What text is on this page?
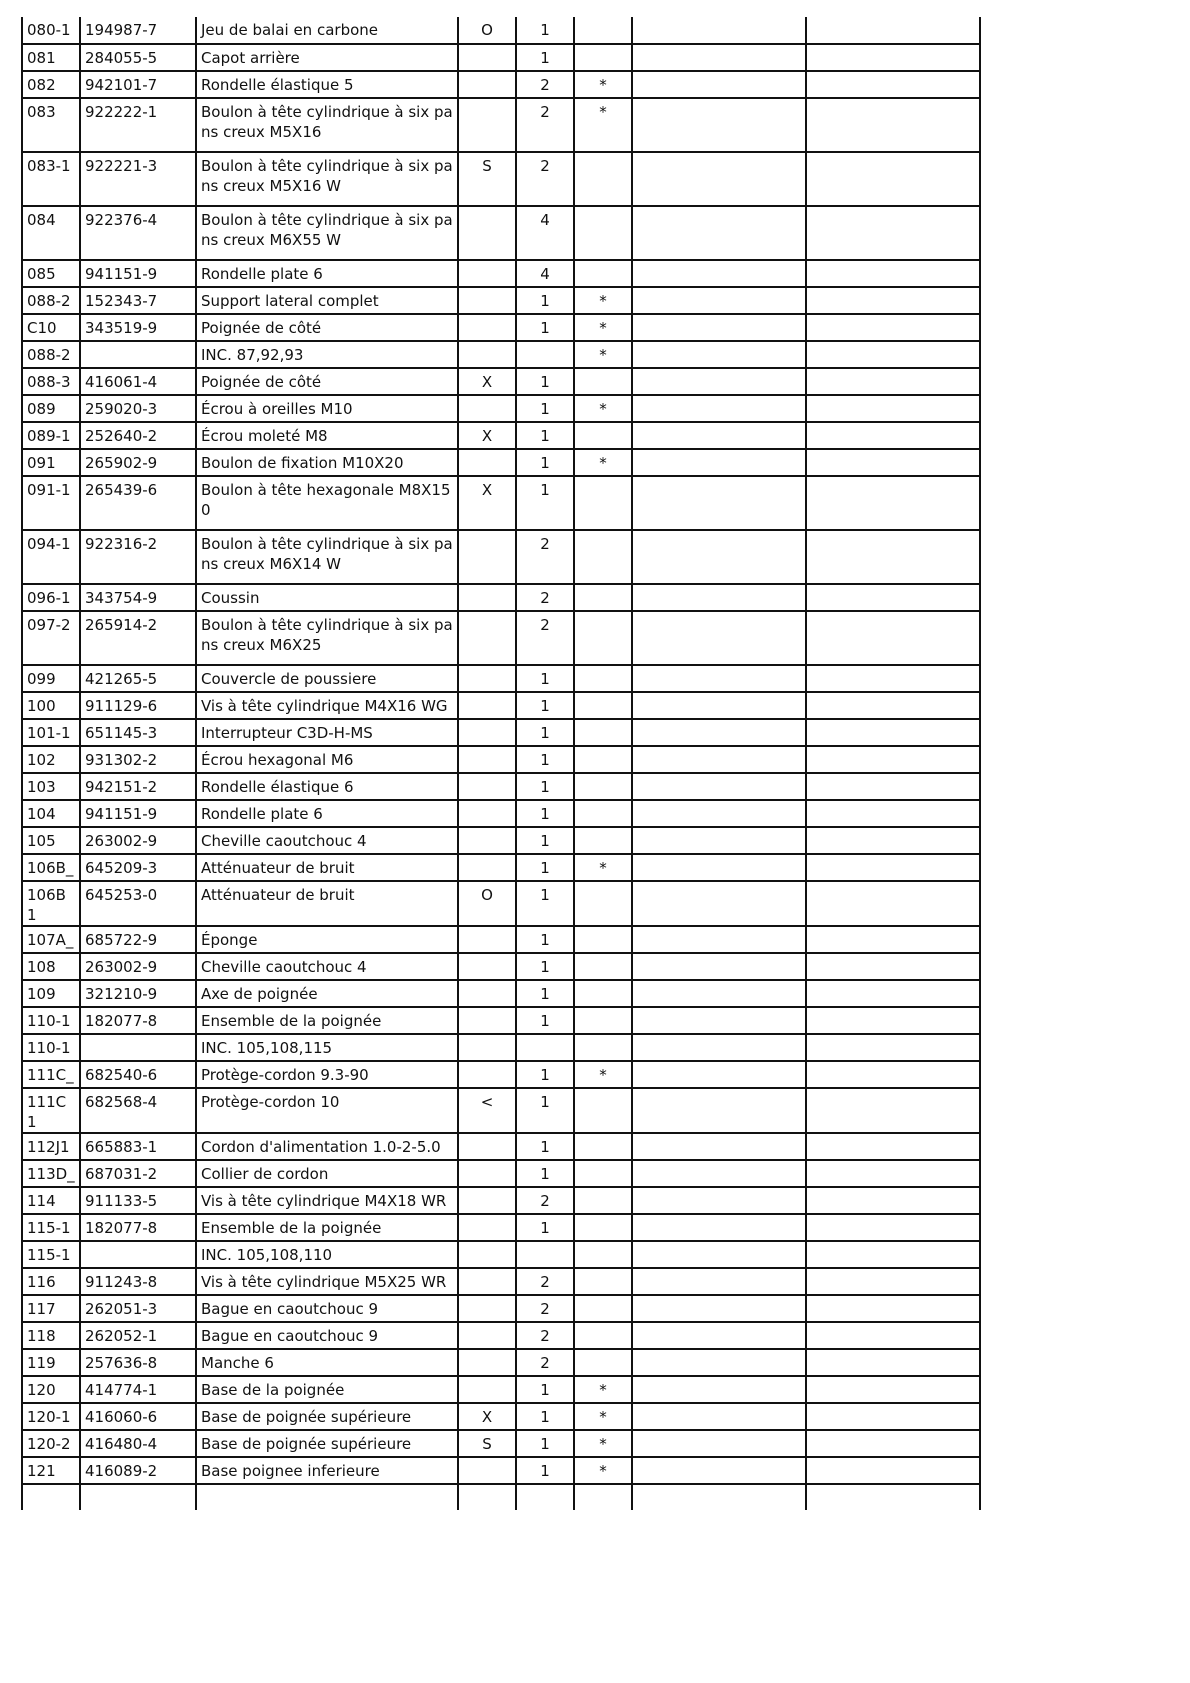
080-1	194987-7	Jeu de balai en carbone	O	1			
081	284055-5	Capot arrière		1			
082	942101-7	Rondelle élastique 5		2	*		
083	922222-1	Boulon à tête cylindrique à six pans creux M5X16		2	*		
083-1	922221-3	Boulon à tête cylindrique à six pans creux M5X16 W	S	2			
084	922376-4	Boulon à tête cylindrique à six pans creux M6X55 W		4			
085	941151-9	Rondelle plate 6		4			
088-2	152343-7	Support lateral complet		1	*		
C10	343519-9	Poignée de côté		1	*		
088-2		INC. 87,92,93			*		
088-3	416061-4	Poignée de côté	X	1			
089	259020-3	Écrou à oreilles M10		1	*		
089-1	252640-2	Écrou moleté M8	X	1			
091	265902-9	Boulon de fixation M10X20		1	*		
091-1	265439-6	Boulon à tête hexagonale M8X150	X	1			
094-1	922316-2	Boulon à tête cylindrique à six pans creux M6X14 W		2			
096-1	343754-9	Coussin		2			
097-2	265914-2	Boulon à tête cylindrique à six pans creux M6X25		2			
099	421265-5	Couvercle de poussiere		1			
100	911129-6	Vis à tête cylindrique M4X16 WG		1			
101-1	651145-3	Interrupteur C3D-H-MS		1			
102	931302-2	Écrou hexagonal M6		1			
103	942151-2	Rondelle élastique 6		1			
104	941151-9	Rondelle plate 6		1			
105	263002-9	Cheville caoutchouc 4		1			
106B_	645209-3	Atténuateur de bruit		1	*		
106B1	645253-0	Atténuateur de bruit	O	1			
107A_	685722-9	Éponge		1			
108	263002-9	Cheville caoutchouc 4		1			
109	321210-9	Axe de poignée		1			
110-1	182077-8	Ensemble de la poignée		1			
110-1		INC. 105,108,115					
111C_	682540-6	Protège-cordon 9.3-90		1	*		
111C1	682568-4	Protège-cordon 10	<	1			
112J1	665883-1	Cordon d'alimentation 1.0-2-5.0		1			
113D_	687031-2	Collier de cordon		1			
114	911133-5	Vis à tête cylindrique M4X18 WR		2			
115-1	182077-8	Ensemble de la poignée		1			
115-1		INC. 105,108,110					
116	911243-8	Vis à tête cylindrique M5X25 WR		2			
117	262051-3	Bague en caoutchouc 9		2			
118	262052-1	Bague en caoutchouc 9		2			
119	257636-8	Manche 6		2			
120	414774-1	Base de la poignée		1	*		
120-1	416060-6	Base de poignée supérieure	X	1	*		
120-2	416480-4	Base de poignée supérieure	S	1	*		
121	416089-2	Base poignee inferieure		1	*		
